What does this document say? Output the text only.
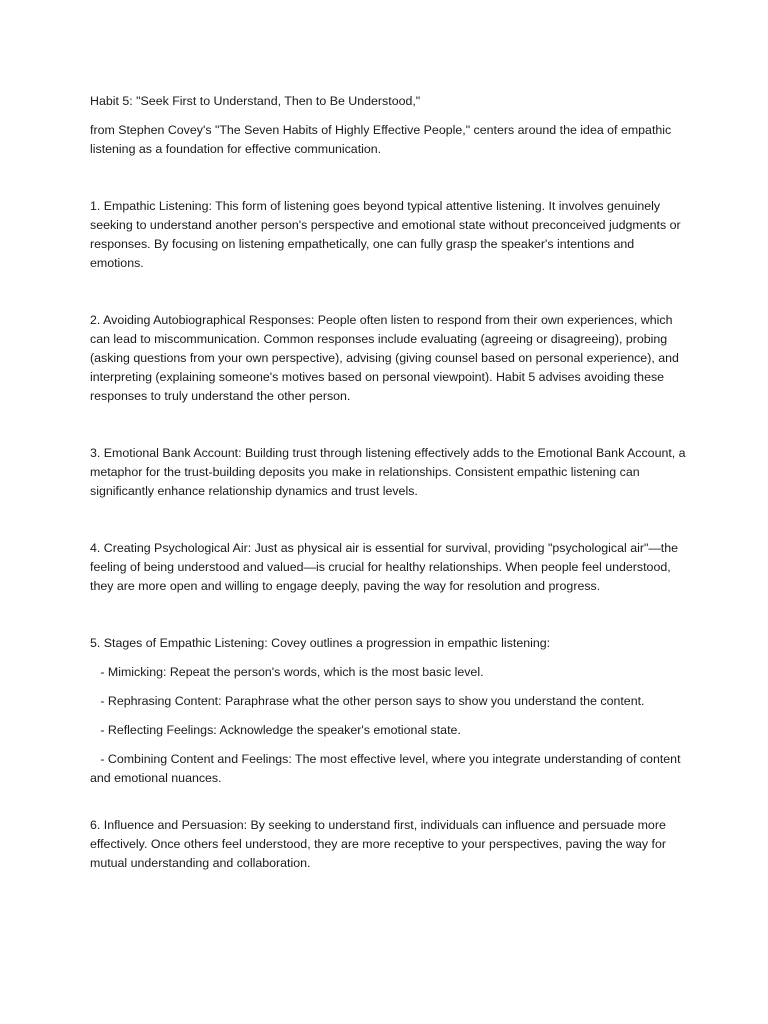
Habit 5: "Seek First to Understand, Then to Be Understood,"

from Stephen Covey's "The Seven Habits of Highly Effective People," centers around the idea of empathic listening as a foundation for effective communication.

1. Empathic Listening: This form of listening goes beyond typical attentive listening. It involves genuinely seeking to understand another person's perspective and emotional state without preconceived judgments or responses. By focusing on listening empathetically, one can fully grasp the speaker's intentions and emotions.

2. Avoiding Autobiographical Responses: People often listen to respond from their own experiences, which can lead to miscommunication. Common responses include evaluating (agreeing or disagreeing), probing (asking questions from your own perspective), advising (giving counsel based on personal experience), and interpreting (explaining someone's motives based on personal viewpoint). Habit 5 advises avoiding these responses to truly understand the other person.

3. Emotional Bank Account: Building trust through listening effectively adds to the Emotional Bank Account, a metaphor for the trust-building deposits you make in relationships. Consistent empathic listening can significantly enhance relationship dynamics and trust levels.

4. Creating Psychological Air: Just as physical air is essential for survival, providing "psychological air"—the feeling of being understood and valued—is crucial for healthy relationships. When people feel understood, they are more open and willing to engage deeply, paving the way for resolution and progress.

5. Stages of Empathic Listening: Covey outlines a progression in empathic listening:

- Mimicking: Repeat the person's words, which is the most basic level.

- Rephrasing Content: Paraphrase what the other person says to show you understand the content.

- Reflecting Feelings: Acknowledge the speaker's emotional state.

- Combining Content and Feelings: The most effective level, where you integrate understanding of content and emotional nuances.

6. Influence and Persuasion: By seeking to understand first, individuals can influence and persuade more effectively. Once others feel understood, they are more receptive to your perspectives, paving the way for mutual understanding and collaboration.
